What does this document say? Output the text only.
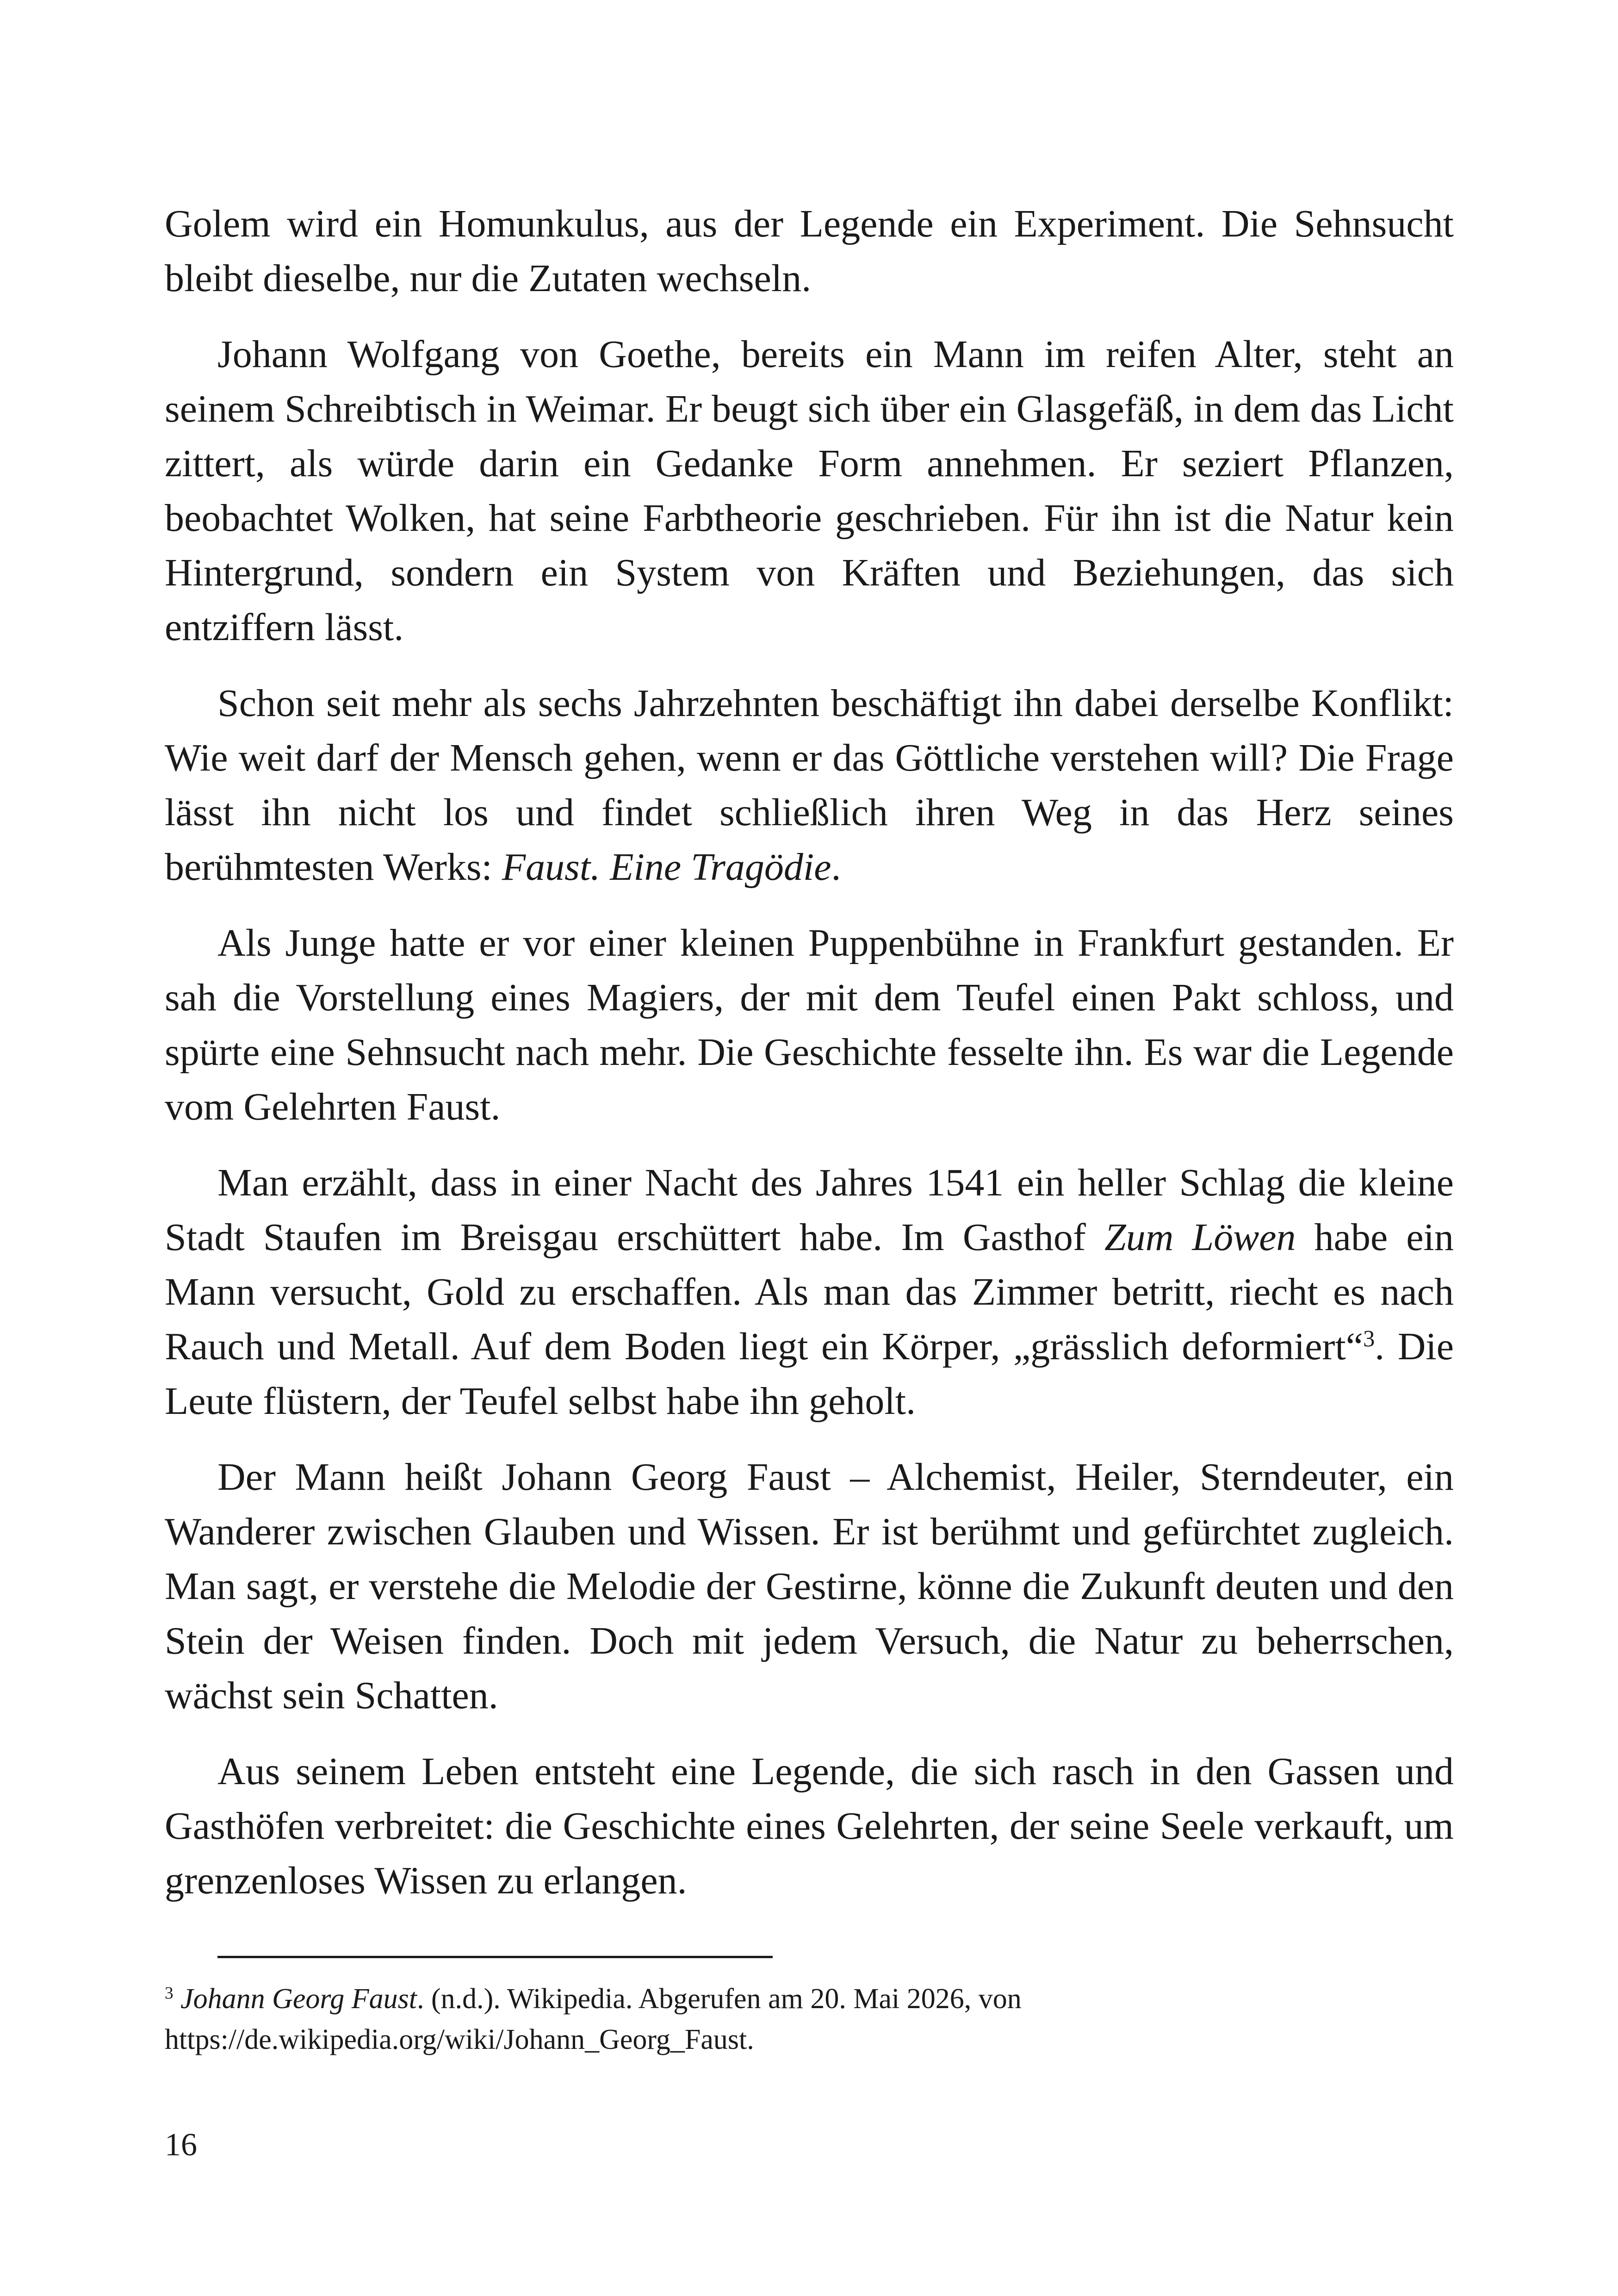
Golem wird ein Homunkulus, aus der Legende ein Experiment. Die Sehnsucht bleibt dieselbe, nur die Zutaten wechseln.

Johann Wolfgang von Goethe, bereits ein Mann im reifen Alter, steht an seinem Schreibtisch in Weimar. Er beugt sich über ein Glasgefäß, in dem das Licht zittert, als würde darin ein Gedanke Form annehmen. Er seziert Pflanzen, beobachtet Wolken, hat seine Farbtheorie geschrieben. Für ihn ist die Natur kein Hintergrund, sondern ein System von Kräften und Beziehungen, das sich entziffern lässt.

Schon seit mehr als sechs Jahrzehnten beschäftigt ihn dabei derselbe Konflikt: Wie weit darf der Mensch gehen, wenn er das Göttliche verstehen will? Die Frage lässt ihn nicht los und findet schließlich ihren Weg in das Herz seines berühmtesten Werks: Faust. Eine Tragödie.

Als Junge hatte er vor einer kleinen Puppenbühne in Frankfurt gestanden. Er sah die Vorstellung eines Magiers, der mit dem Teufel einen Pakt schloss, und spürte eine Sehnsucht nach mehr. Die Geschichte fesselte ihn. Es war die Legende vom Gelehrten Faust.

Man erzählt, dass in einer Nacht des Jahres 1541 ein heller Schlag die kleine Stadt Staufen im Breisgau erschüttert habe. Im Gasthof Zum Löwen habe ein Mann versucht, Gold zu erschaffen. Als man das Zimmer betritt, riecht es nach Rauch und Metall. Auf dem Boden liegt ein Körper, „grässlich deformiert“$^3$. Die Leute flüstern, der Teufel selbst habe ihn geholt.

Der Mann heißt Johann Georg Faust – Alchemist, Heiler, Sterndeuter, ein Wanderer zwischen Glauben und Wissen. Er ist berühmt und gefürchtet zugleich. Man sagt, er verstehe die Melodie der Gestirne, könne die Zukunft deuten und den Stein der Weisen finden. Doch mit jedem Versuch, die Natur zu beherrschen, wächst sein Schatten.

Aus seinem Leben entsteht eine Legende, die sich rasch in den Gassen und Gasthöfen verbreitet: die Geschichte eines Gelehrten, der seine Seele verkauft, um grenzenloses Wissen zu erlangen.

$^3$ Johann Georg Faust. (n.d.). Wikipedia. Abgerufen am 20. Mai 2026, von
https://de.wikipedia.org/wiki/Johann_Georg_Faust.
16
